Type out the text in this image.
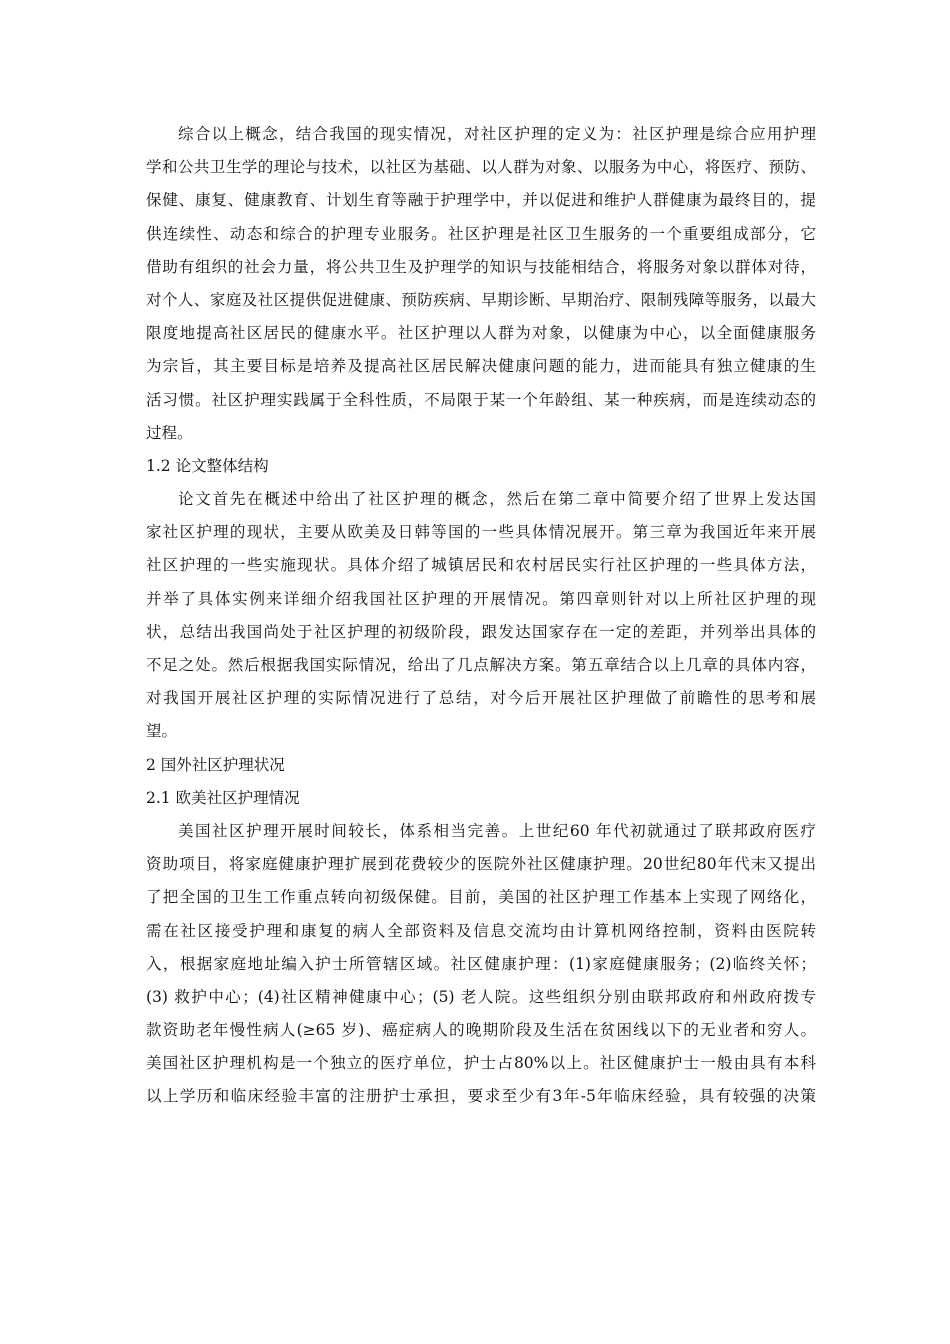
综合以上概念，结合我国的现实情况，对社区护理的定义为：社区护理是综合应用护理
学和公共卫生学的理论与技术，以社区为基础、以人群为对象、以服务为中心，将医疗、预防、
保健、康复、健康教育、计划生育等融于护理学中，并以促进和维护人群健康为最终目的，提
供连续性、动态和综合的护理专业服务。社区护理是社区卫生服务的一个重要组成部分，它
借助有组织的社会力量，将公共卫生及护理学的知识与技能相结合，将服务对象以群体对待，
对个人、家庭及社区提供促进健康、预防疾病、早期诊断、早期治疗、限制残障等服务，以最大
限度地提高社区居民的健康水平。社区护理以人群为对象，以健康为中心，以全面健康服务
为宗旨，其主要目标是培养及提高社区居民解决健康问题的能力，进而能具有独立健康的生
活习惯。社区护理实践属于全科性质，不局限于某一个年龄组、某一种疾病，而是连续动态的
过程。
1.2 论文整体结构
论文首先在概述中给出了社区护理的概念，然后在第二章中简要介绍了世界上发达国
家社区护理的现状，主要从欧美及日韩等国的一些具体情况展开。第三章为我国近年来开展
社区护理的一些实施现状。具体介绍了城镇居民和农村居民实行社区护理的一些具体方法，
并举了具体实例来详细介绍我国社区护理的开展情况。第四章则针对以上所社区护理的现
状，总结出我国尚处于社区护理的初级阶段，跟发达国家存在一定的差距，并列举出具体的
不足之处。然后根据我国实际情况，给出了几点解决方案。第五章结合以上几章的具体内容，
对我国开展社区护理的实际情况进行了总结，对今后开展社区护理做了前瞻性的思考和展
望。
2 国外社区护理状况
2.1 欧美社区护理情况
美国社区护理开展时间较长，体系相当完善。上世纪60 年代初就通过了联邦政府医疗
资助项目，将家庭健康护理扩展到花费较少的医院外社区健康护理。20世纪80年代末又提出
了把全国的卫生工作重点转向初级保健。目前，美国的社区护理工作基本上实现了网络化，
需在社区接受护理和康复的病人全部资料及信息交流均由计算机网络控制，资料由医院转
入，根据家庭地址编入护士所管辖区域。社区健康护理：(1)家庭健康服务；(2)临终关怀；
(3) 救护中心；(4)社区精神健康中心；(5) 老人院。这些组织分别由联邦政府和州政府拨专
款资助老年慢性病人(≥65 岁)、癌症病人的晚期阶段及生活在贫困线以下的无业者和穷人。
美国社区护理机构是一个独立的医疗单位，护士占80%以上。社区健康护士一般由具有本科
以上学历和临床经验丰富的注册护士承担，要求至少有3年-5年临床经验，具有较强的决策
